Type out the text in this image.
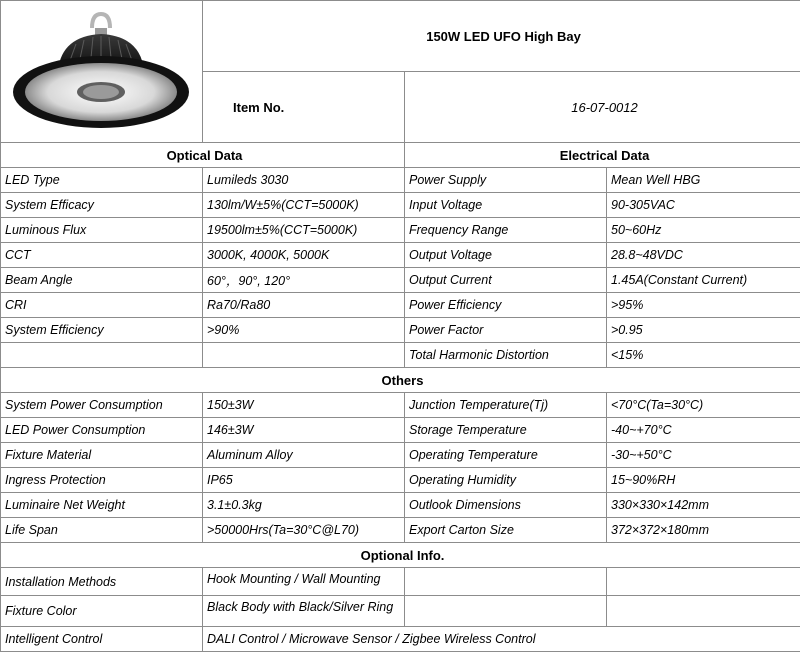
	150W LED UFO High Bay		
	Item No.	16-07-0012	
Optical Data		Electrical Data	
LED Type	Lumileds 3030	Power Supply	Mean Well HBG
System Efficacy	130lm/W±5%(CCT=5000K)	Input Voltage	90-305VAC
Luminous Flux	19500lm±5%(CCT=5000K)	Frequency Range	50~60Hz
CCT	3000K, 4000K, 5000K	Output Voltage	28.8~48VDC
Beam Angle	60°，90°, 120°	Output Current	1.45A(Constant Current)
CRI	Ra70/Ra80	Power Efficiency	>95%
System Efficiency	>90%	Power Factor	>0.95
		Total Harmonic Distortion	<15%
Others			
System Power Consumption	150±3W	Junction Temperature(Tj)	<70°C(Ta=30°C)
LED Power Consumption	146±3W	Storage Temperature	-40~+70°C
Fixture Material	Aluminum Alloy	Operating Temperature	-30~+50°C
Ingress Protection	IP65	Operating Humidity	15~90%RH
Luminaire Net Weight	3.1±0.3kg	Outlook Dimensions	330×330×142mm
Life Span	>50000Hrs(Ta=30°C@L70)	Export Carton Size	372×372×180mm
Optional Info.			
Installation Methods	Hook Mounting / Wall Mounting		

Fixture Color	Black Body with Black/Silver Ring		

Intelligent Control	DALI Control / Microwave Sensor / Zigbee Wireless Control		
